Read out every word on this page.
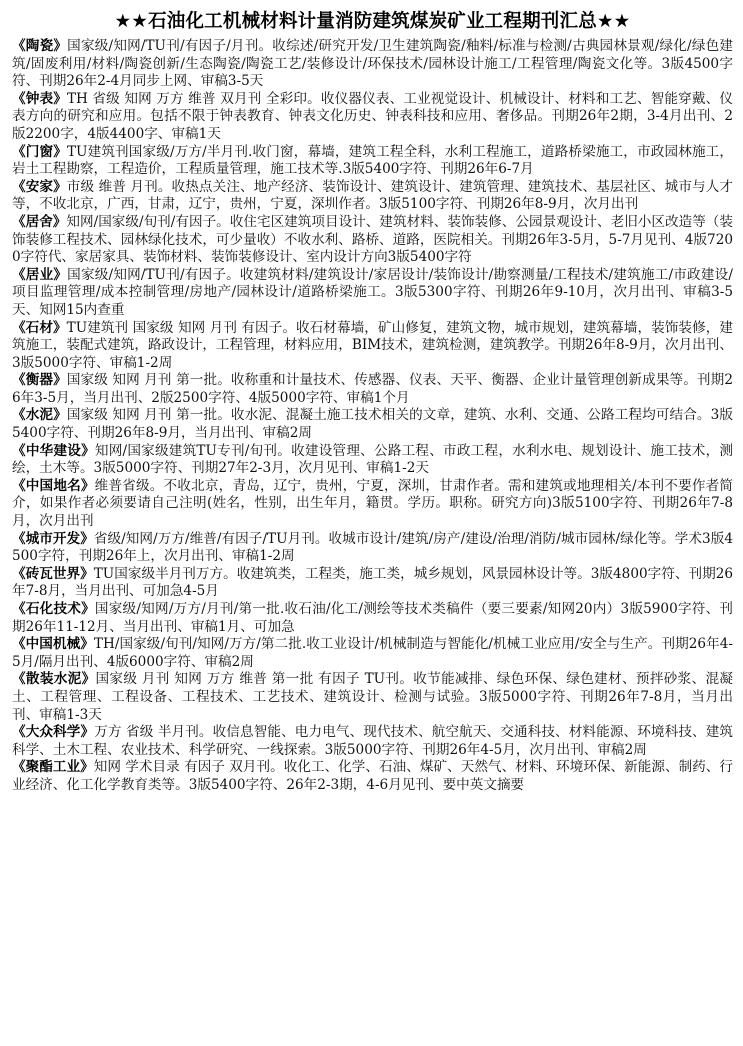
★★石油化工机械材料计量消防建筑煤炭矿业工程期刊汇总★★

《陶瓷》国家级/知网/TU刊/有因子/月刊。收综述/研究开发/卫生建筑陶瓷/釉料/标准与检测/古典园林景观/绿化/绿色建筑/固废利用/材料/陶瓷创新/生态陶瓷/陶瓷工艺/装修设计/环保技术/园林设计施工/工程管理/陶瓷文化等。3版4500字符、刊期26年2-4月同步上网、审稿3-5天

《钟表》TH 省级 知网 万方 维普 双月刊 全彩印。收仪器仪表、工业视觉设计、机械设计、材料和工艺、智能穿戴、仪表方向的研究和应用。包括不限于钟表教育、钟表文化历史、钟表科技和应用、奢侈品。刊期26年2期，3-4月出刊、2版2200字，4版4400字、审稿1天

《门窗》TU建筑刊国家级/万方/半月刊.收门窗，幕墙，建筑工程全科，水利工程施工，道路桥梁施工，市政园林施工，岩土工程勘察，工程造价，工程质量管理，施工技术等.3版5400字符、刊期26年6-7月

《安家》市级 维普 月刊。收热点关注、地产经济、装饰设计、建筑设计、建筑管理、建筑技术、基层社区、城市与人才等，不收北京，广西，甘肃，辽宁，贵州，宁夏，深圳作者。3版5100字符、刊期26年8-9月，次月出刊

《居舍》知网/国家级/旬刊/有因子。收住宅区建筑项目设计、建筑材料、装饰装修、公园景观设计、老旧小区改造等（装饰装修工程技术、园林绿化技术，可少量收）不收水利、路桥、道路，医院相关。刊期26年3-5月，5-7月见刊、4版7200字符代、家居家具、装饰材料、装饰装修设计、室内设计方向3版5400字符

《居业》国家级/知网/TU刊/有因子。收建筑材料/建筑设计/家居设计/装饰设计/勘察测量/工程技术/建筑施工/市政建设/项目监理管理/成本控制管理/房地产/园林设计/道路桥梁施工。3版5300字符、刊期26年9-10月，次月出刊、审稿3-5天、知网15内查重

《石材》TU建筑刊 国家级 知网 月刊 有因子。收石材幕墙，矿山修复，建筑文物，城市规划，建筑幕墙，装饰装修，建筑施工，装配式建筑，路政设计，工程管理，材料应用，BIM技术，建筑检测，建筑教学。刊期26年8-9月，次月出刊、3版5000字符、审稿1-2周

《衡器》国家级 知网 月刊 第一批。收称重和计量技术、传感器、仪表、天平、衡器、企业计量管理创新成果等。刊期26年3-5月，当月出刊、2版2500字符、4版5000字符、审稿1个月

《水泥》国家级 知网 月刊 第一批。收水泥、混凝土施工技术相关的文章，建筑、水利、交通、公路工程均可结合。3版5400字符、刊期26年8-9月，当月出刊、审稿2周

《中华建设》知网/国家级建筑TU专刊/旬刊。收建设管理、公路工程、市政工程，水利水电、规划设计、施工技术，测绘，土木等。3版5000字符、刊期27年2-3月，次月见刊、审稿1-2天

《中国地名》维普省级。不收北京，青岛，辽宁，贵州，宁夏，深圳，甘肃作者。需和建筑或地理相关/本刊不要作者简介，如果作者必须要请自己注明(姓名，性别，出生年月，籍贯。学历。职称。研究方向)3版5100字符、刊期26年7-8月，次月出刊

《城市开发》省级/知网/万方/维普/有因子/TU月刊。收城市设计/建筑/房产/建设/治理/消防/城市园林/绿化等。学术3版4500字符，刊期26年上，次月出刊、审稿1-2周

《砖瓦世界》TU国家级半月刊万方。收建筑类，工程类，施工类，城乡规划，风景园林设计等。3版4800字符、刊期26年7-8月，当月出刊、可加急4-5月

《石化技术》国家级/知网/万方/月刊/第一批.收石油/化工/测绘等技术类稿件（要三要素/知网20内）3版5900字符、刊期26年11-12月、当月出刊、审稿1月、可加急

《中国机械》TH/国家级/旬刊/知网/万方/第二批.收工业设计/机械制造与智能化/机械工业应用/安全与生产。刊期26年4-5月/隔月出刊、4版6000字符、审稿2周

《散装水泥》国家级 月刊 知网 万方 维普 第一批 有因子 TU刊。收节能减排、绿色环保、绿色建材、预拌砂浆、混凝土、工程管理、工程设备、工程技术、工艺技术、建筑设计、检测与试验。3版5000字符、刊期26年7-8月，当月出刊、审稿1-3天

《大众科学》万方 省级 半月刊。收信息智能、电力电气、现代技术、航空航天、交通科技、材料能源、环境科技、建筑科学、土木工程、农业技术、科学研究、一线探索。3版5000字符、刊期26年4-5月，次月出刊、审稿2周

《聚酯工业》知网 学术目录 有因子 双月刊。收化工、化学、石油、煤矿、天然气、材料、环境环保、新能源、制药、行业经济、化工化学教育类等。3版5400字符、26年2-3期，4-6月见刊、要中英文摘要
